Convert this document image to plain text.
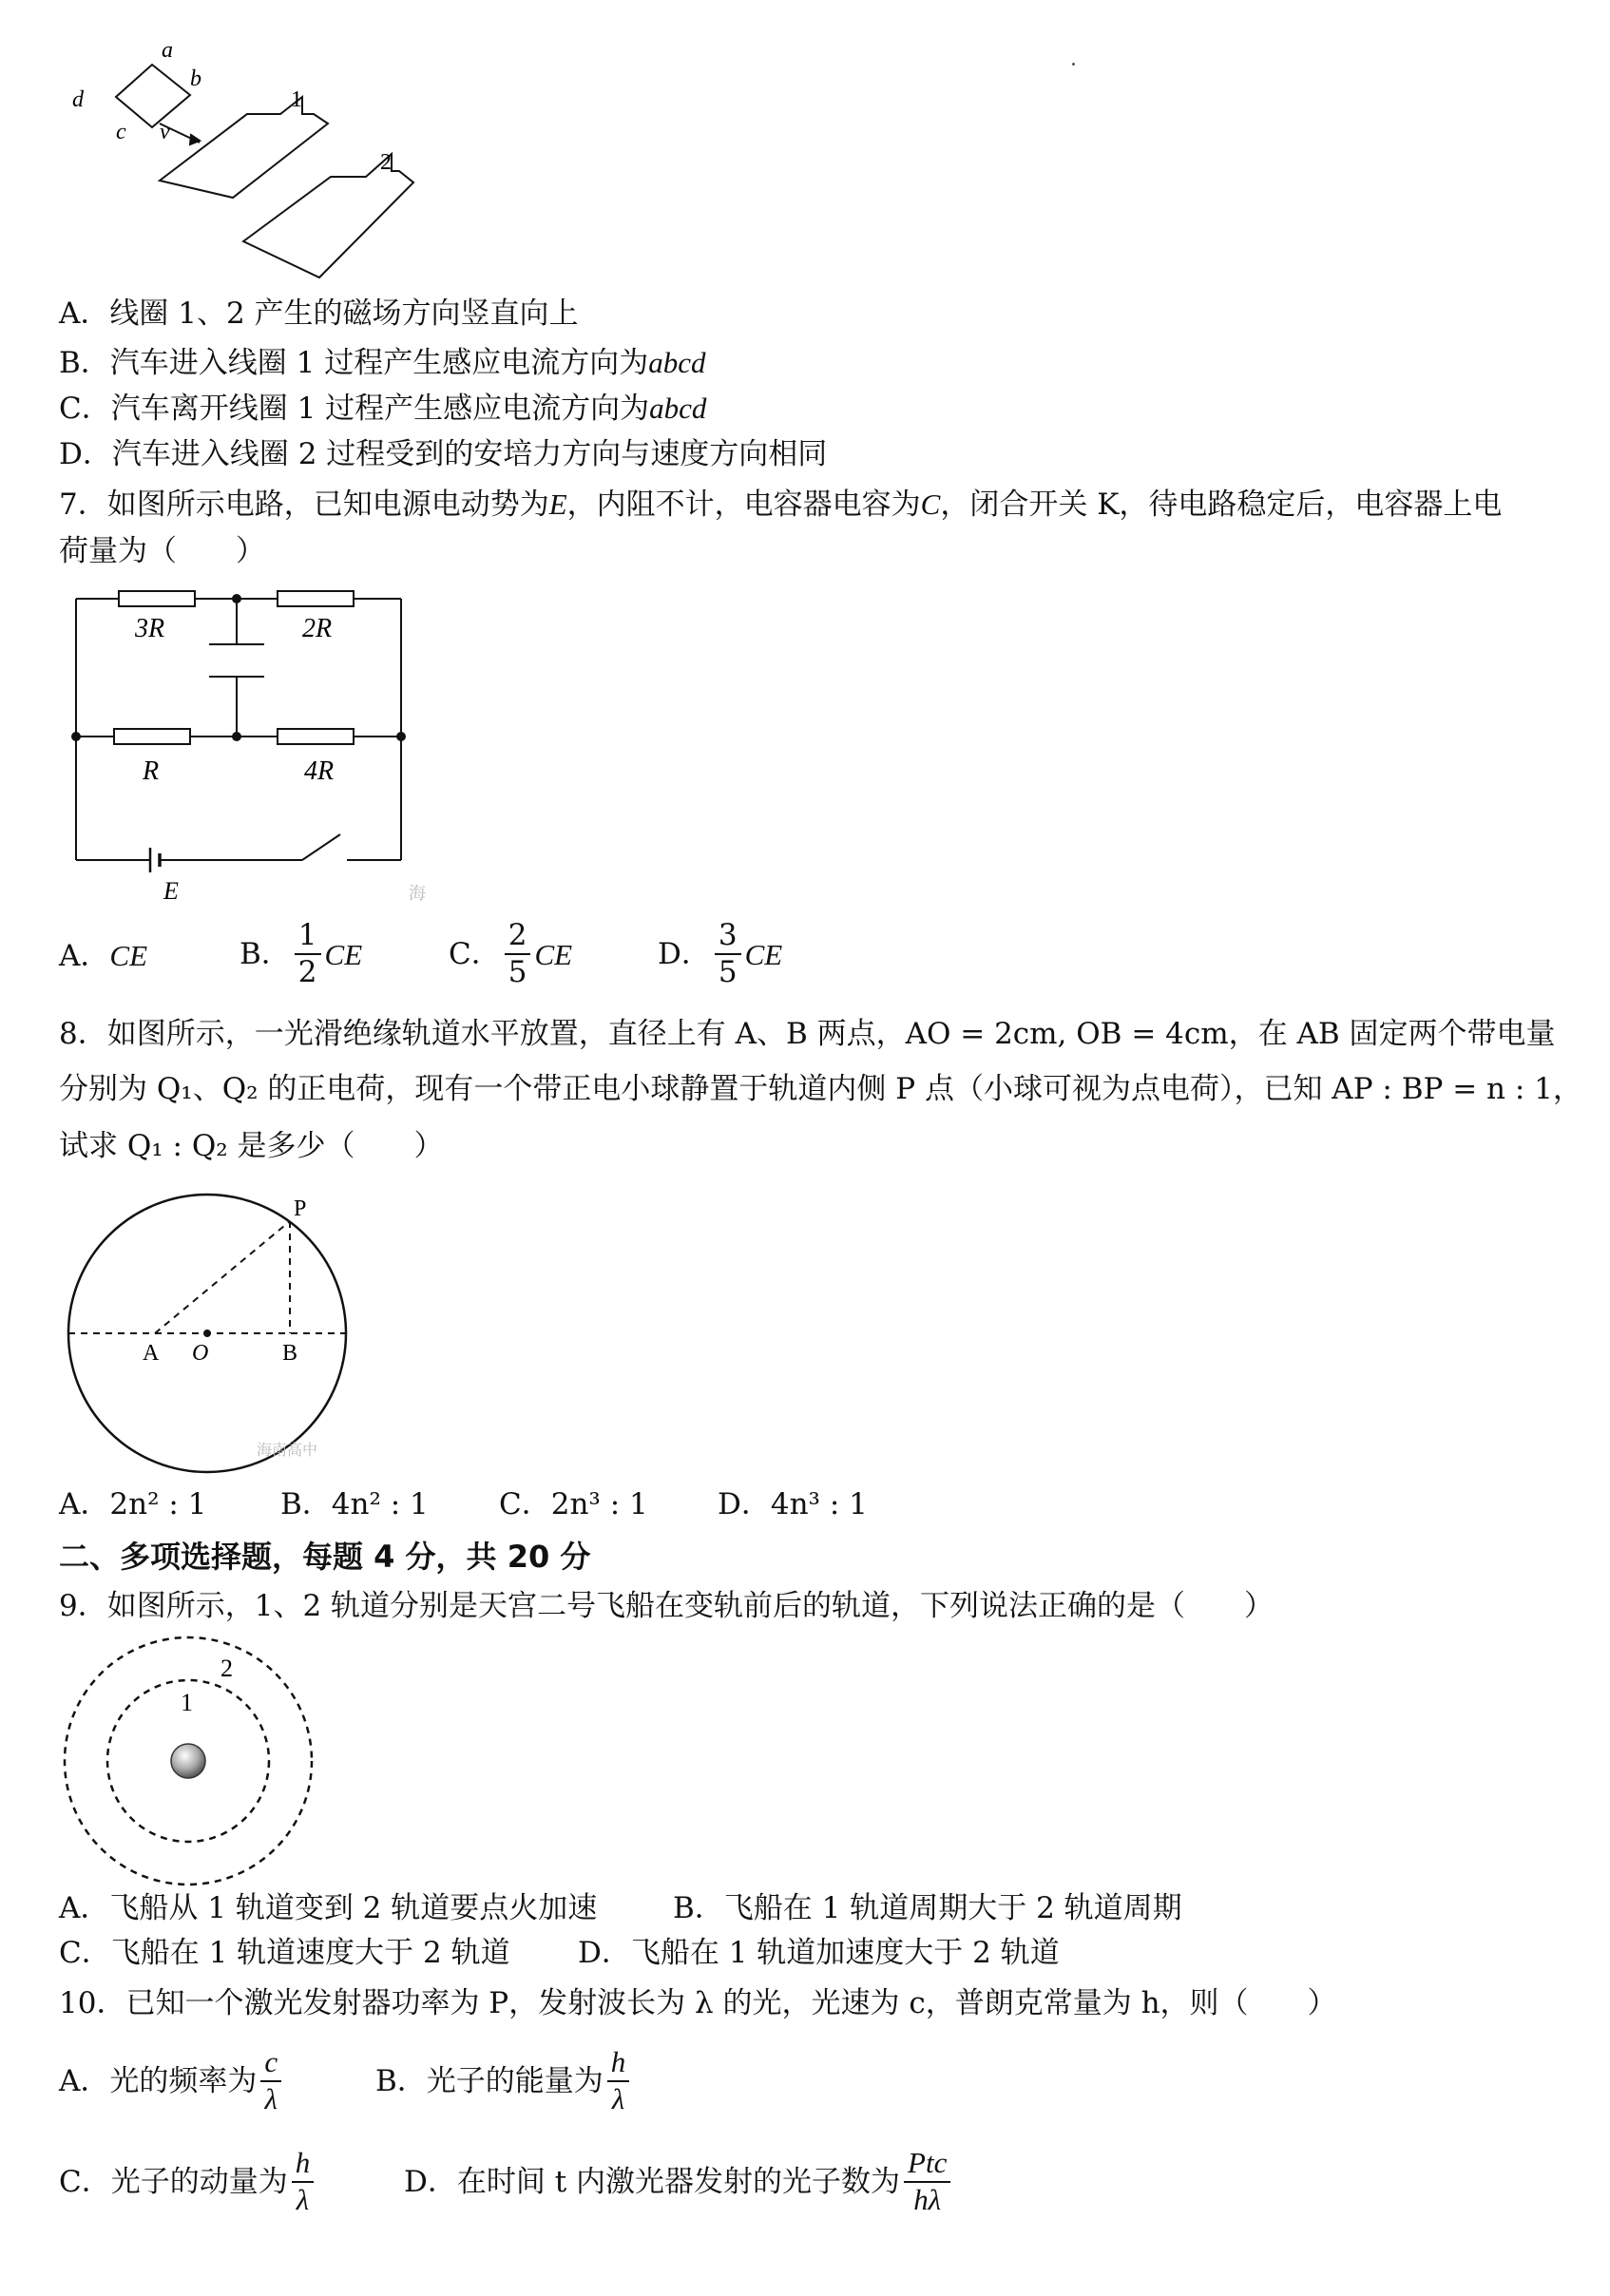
a
b
c
d
v
1
2
A．线圈 1、2 产生的磁场方向竖直向上
B．汽车进入线圈 1 过程产生感应电流方向为abcd
C．汽车离开线圈 1 过程产生感应电流方向为abcd
D．汽车进入线圈 2 过程受到的安培力方向与速度方向相同
7．如图所示电路，已知电源电动势为E，内阻不计，电容器电容为C，闭合开关 K，待电路稳定后，电容器上电
荷量为（　　）
3R	2R
R	4R
E	海
A．CE	B． $\frac{1}{2}$ CE	C． $\frac{2}{5}$ CE	D． $\frac{3}{5}$ CE
8．如图所示，一光滑绝缘轨道水平放置，直径上有 A、B 两点，AO = 2cm, OB = 4cm，在 AB 固定两个带电量
分别为 Q₁、Q₂ 的正电荷，现有一个带正电小球静置于轨道内侧 P 点（小球可视为点电荷），已知 AP : BP = n : 1，
试求 Q₁ : Q₂ 是多少（　　）
P
A O	B
海南高中
A．2n² : 1	B．4n² : 1 C．2n³ : 1 D．4n³ : 1
二、多项选择题，每题 4 分，共 20 分
9．如图所示，1、2 轨道分别是天宫二号飞船在变轨前后的轨道，下列说法正确的是（　　）
1
2
A．飞船从 1 轨道变到 2 轨道要点火加速	B．飞船在 1 轨道周期大于 2 轨道周期
C．飞船在 1 轨道速度大于 2 轨道 D．飞船在 1 轨道加速度大于 2 轨道
10．已知一个激光发射器功率为 P，发射波长为 λ 的光，光速为 c，普朗克常量为 h，则（　　）
A．光的频率为 $\frac{c}{\lambda}$	B．光子的能量为 $\frac{h}{\lambda}$
C．光子的动量为 $\frac{h}{\lambda}$	D．在时间 t 内激光器发射的光子数为 $\frac{\text{Ptc}}{h\lambda}$
